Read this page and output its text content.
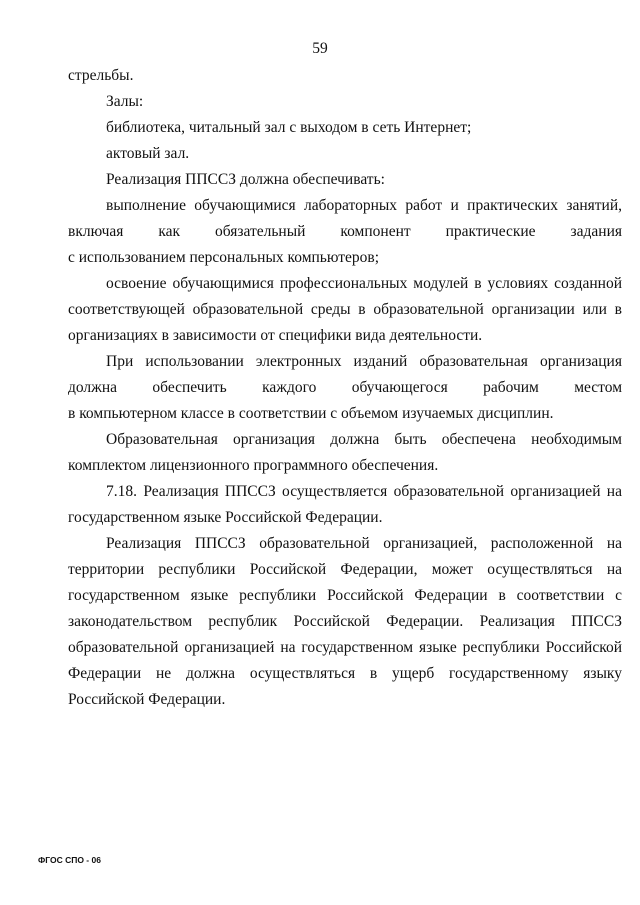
59

стрельбы.

Залы:

библиотека, читальный зал с выходом в сеть Интернет;

актовый зал.

Реализация ППССЗ должна обеспечивать:

выполнение обучающимися лабораторных работ и практических занятий,

включая как обязательный компонент практические задания

с использованием персональных компьютеров;

освоение обучающимися профессиональных модулей в условиях созданной соответствующей образовательной среды в образовательной организации или в организациях в зависимости от специфики вида деятельности.

При использовании электронных изданий образовательная организация

должна обеспечить каждого обучающегося рабочим местом

в компьютерном классе в соответствии с объемом изучаемых дисциплин.

Образовательная организация должна быть обеспечена необходимым комплектом лицензионного программного обеспечения.

7.18. Реализация ППССЗ осуществляется образовательной организацией на государственном языке Российской Федерации.

Реализация ППССЗ образовательной организацией, расположенной на территории республики Российской Федерации, может осуществляться на государственном языке республики Российской Федерации в соответствии с законодательством республик Российской Федерации. Реализация ППССЗ образовательной организацией на государственном языке республики Российской Федерации не должна осуществляться в ущерб государственному языку Российской Федерации.

ФГОС СПО - 06
